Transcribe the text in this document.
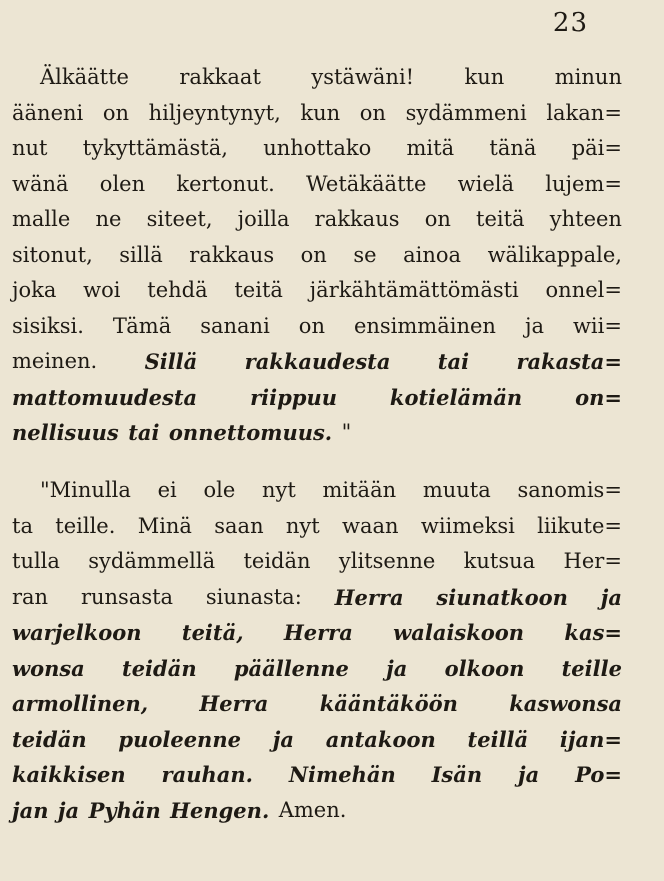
23
Älkäätte rakkaat ystäwäni! kun minun
ääneni on hiljeyntynyt, kun on sydämmeni lakan=
nut tykyttämästä, unhottako mitä tänä päi=
wänä olen kertonut. Wetäkäätte wielä lujem=
malle ne siteet, joilla rakkaus on teitä yhteen
sitonut, sillä rakkaus on se ainoa wälikappale,
joka woi tehdä teitä järkähtämättömästi onnel=
sisiksi. Tämä sanani on ensimmäinen ja wii=
meinen. Sillä rakkaudesta tai rakasta=
mattomuudesta	riippuu	kotielämän	on=
nellisuus tai onnettomuus. "
"Minulla ei ole nyt mitään muuta sanomis=
ta teille. Minä saan nyt waan wiimeksi liikute=
tulla sydämmellä teidän ylitsenne kutsua Her=
ran runsasta siunasta: Herra siunatkoon ja
warjelkoon teitä, Herra walaiskoon kas=
wonsa teidän päällenne ja olkoon teille
armollinen, Herra kääntäköön kaswonsa
teidän puoleenne ja antakoon teillä ijan=
kaikkisen rauhan. Nimehän Isän ja Po=
jan ja Pyhän Hengen. Amen.
